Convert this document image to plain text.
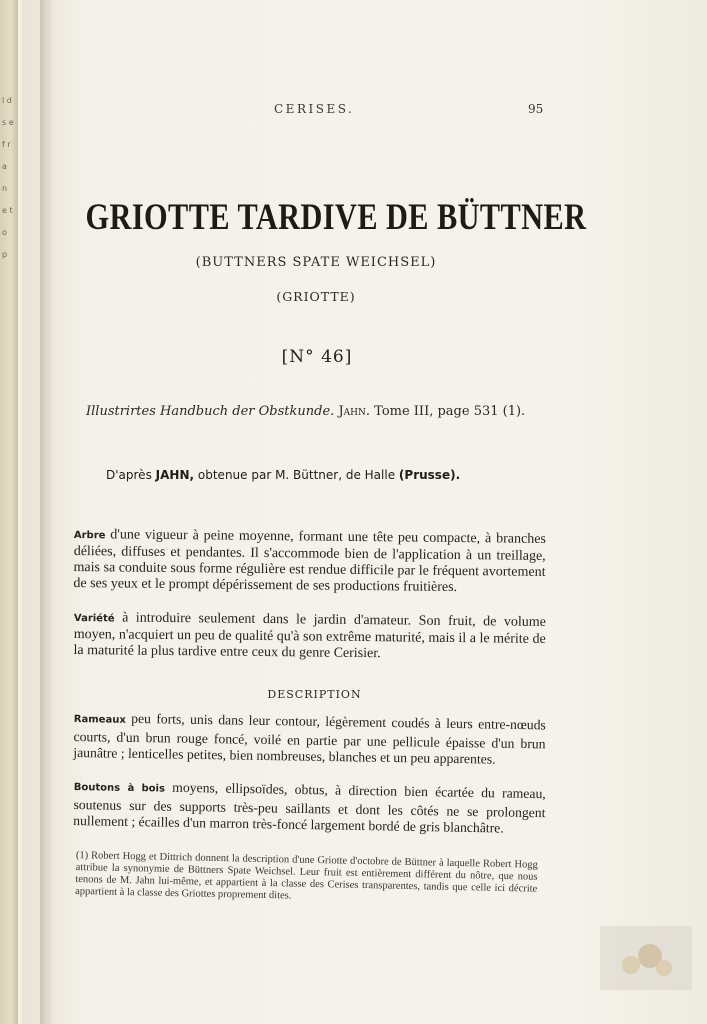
l d s e f r a n e t o p
CERISES.	95
GRIOTTE TARDIVE DE BÜTTNER

(BUTTNERS SPATE WEICHSEL)

(GRIOTTE)

[N° 46]

Illustrirtes Handbuch der Obstkunde. Jahn. Tome III, page 531 (1).
D'après JAHN, obtenue par M. Büttner, de Halle (Prusse).

Arbre d'une vigueur à peine moyenne, formant une tête peu compacte, à branches déliées, diffuses et pendantes. Il s'accommode bien de l'application à un treillage, mais sa conduite sous forme régulière est rendue difficile par le fréquent avortement de ses yeux et le prompt dépérissement de ses productions fruitières.

Variété à introduire seulement dans le jardin d'amateur. Son fruit, de volume moyen, n'acquiert un peu de qualité qu'à son extrême maturité, mais il a le mérite de la maturité la plus tardive entre ceux du genre Cerisier.

DESCRIPTION

Rameaux peu forts, unis dans leur contour, légèrement coudés à leurs entre-nœuds courts, d'un brun rouge foncé, voilé en partie par une pellicule épaisse d'un brun jaunâtre ; lenticelles petites, bien nombreuses, blanches et un peu apparentes.

Boutons à bois moyens, ellipsoïdes, obtus, à direction bien écartée du rameau, soutenus sur des supports très-peu saillants et dont les côtés ne se prolongent nullement ; écailles d'un marron très-foncé largement bordé de gris blanchâtre.

(1) Robert Hogg et Dittrich donnent la description d'une Griotte d'octobre de Büttner à laquelle Robert Hogg attribue la synonymie de Büttners Spate Weichsel. Leur fruit est entièrement différent du nôtre, que nous tenons de M. Jahn lui-même, et appartient à la classe des Cerises transparentes, tandis que celle ici décrite appartient à la classe des Griottes proprement dites.
